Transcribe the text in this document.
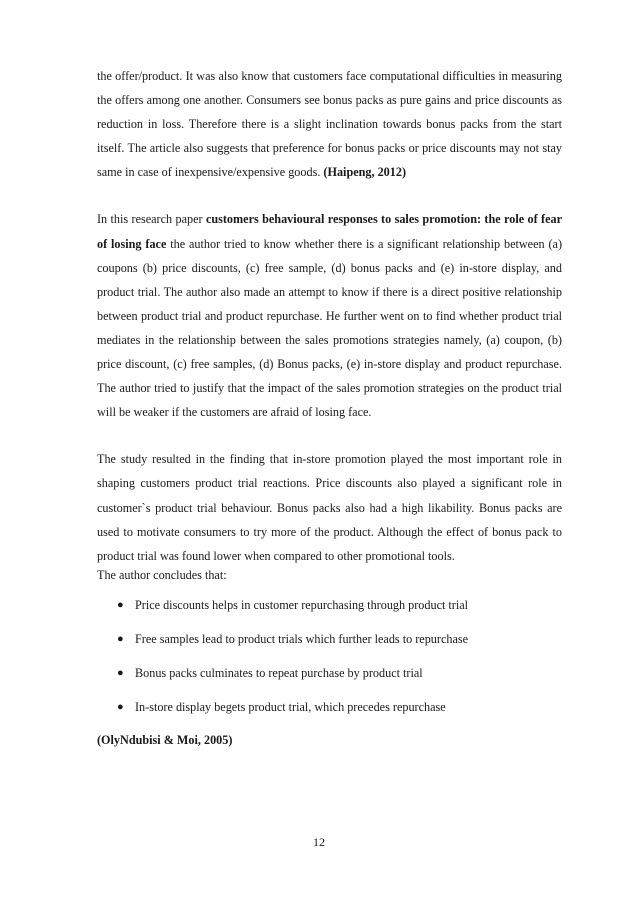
the offer/product. It was also know that customers face computational difficulties in measuring the offers among one another. Consumers see bonus packs as pure gains and price discounts as reduction in loss. Therefore there is a slight inclination towards bonus packs from the start itself. The article also suggests that preference for bonus packs or price discounts may not stay same in case of inexpensive/expensive goods. (Haipeng, 2012)

In this research paper customers behavioural responses to sales promotion: the role of fear of losing face the author tried to know whether there is a significant relationship between (a) coupons (b) price discounts, (c) free sample, (d) bonus packs and (e) in-store display, and product trial. The author also made an attempt to know if there is a direct positive relationship between product trial and product repurchase. He further went on to find whether product trial mediates in the relationship between the sales promotions strategies namely, (a) coupon, (b) price discount, (c) free samples, (d) Bonus packs, (e) in-store display and product repurchase. The author tried to justify that the impact of the sales promotion strategies on the product trial will be weaker if the customers are afraid of losing face.

The study resulted in the finding that in-store promotion played the most important role in shaping customers product trial reactions. Price discounts also played a significant role in customer`s product trial behaviour. Bonus packs also had a high likability. Bonus packs are used to motivate consumers to try more of the product. Although the effect of bonus pack to product trial was found lower when compared to other promotional tools.

The author concludes that:

● Price discounts helps in customer repurchasing through product trial
● Free samples lead to product trials which further leads to repurchase
● Bonus packs culminates to repeat purchase by product trial
● In-store display begets product trial, which precedes repurchase

(OlyNdubisi & Moi, 2005)

12
